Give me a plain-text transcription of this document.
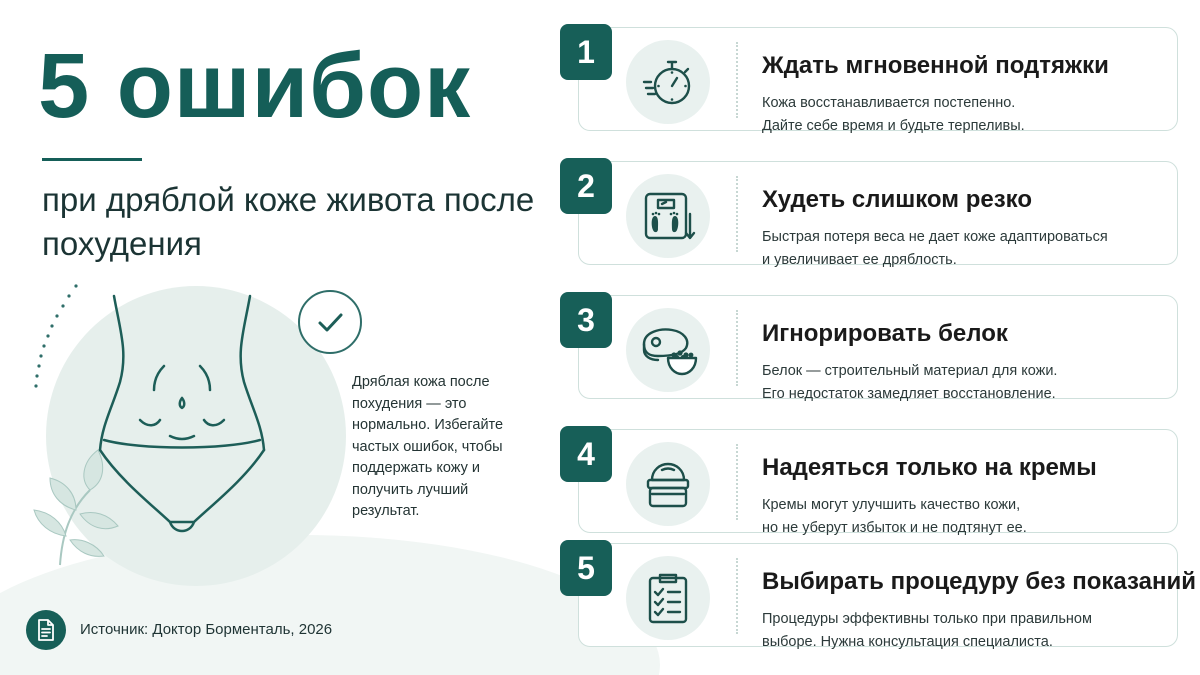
5 ошибок
при дряблой коже живота после похудения
Дряблая кожа после похудения — это нормально. Избегайте частых ошибок, чтобы поддержать кожу и получить лучший результат.
Источник: Доктор Борменталь, 2026
1	Ждать мгновенной подтяжки
Кожа восстанавливается постепенно.
Дайте себе время и будьте терпеливы.
2	Худеть слишком резко
Быстрая потеря веса не дает коже адаптироваться
и увеличивает ее дряблость.
3	Игнорировать белок
Белок — строительный материал для кожи.
Его недостаток замедляет восстановление.
4	Надеяться только на кремы
Кремы могут улучшить качество кожи,
но не уберут избыток и не подтянут ее.
5	Выбирать процедуру без показаний
Процедуры эффективны только при правильном
выборе. Нужна консультация специалиста.
